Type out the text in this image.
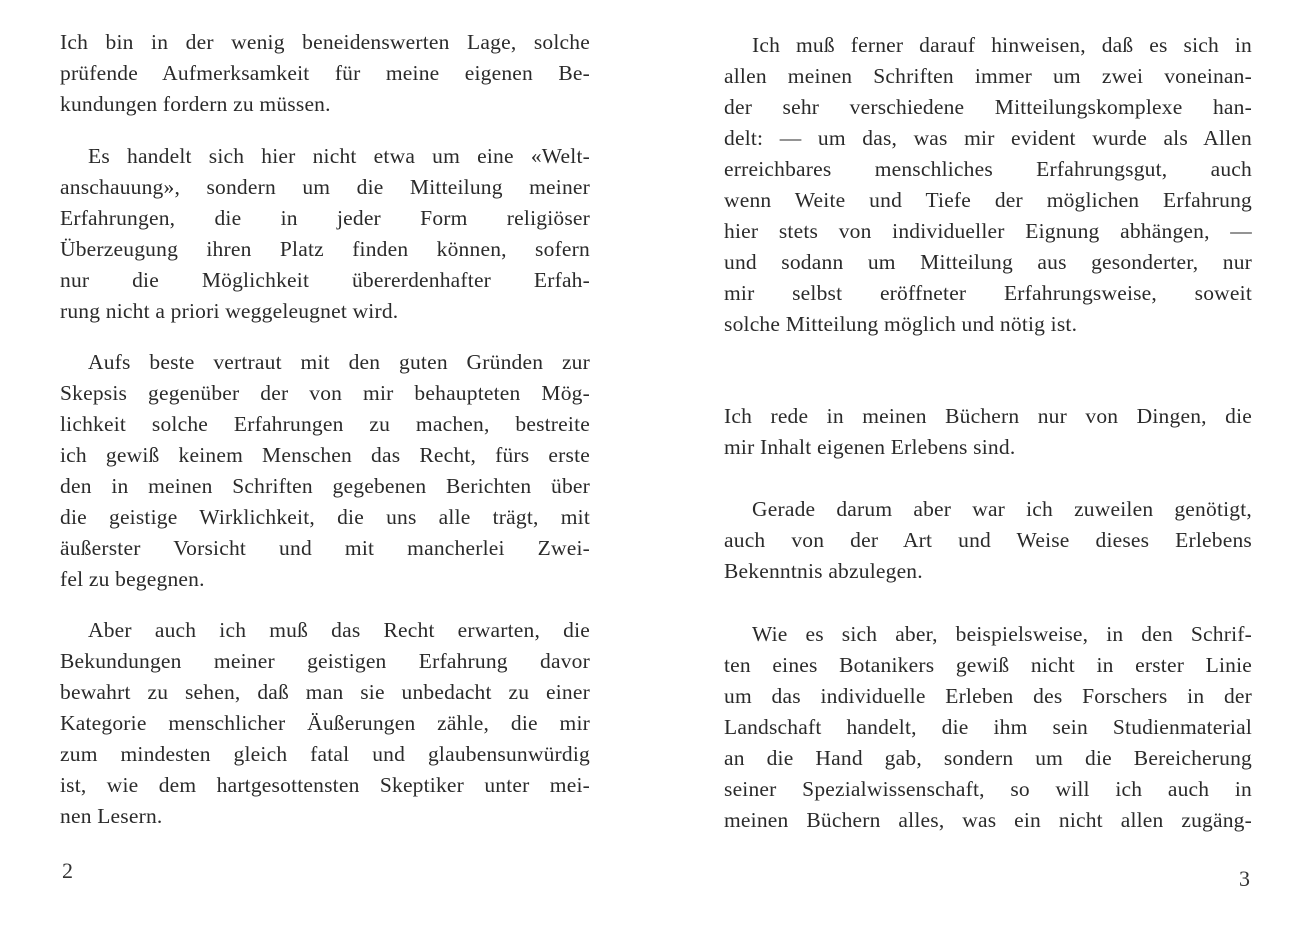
Ich bin in der wenig beneidenswerten Lage, solche
prüfende Aufmerksamkeit für meine eigenen Be-
kundungen fordern zu müssen.

Es handelt sich hier nicht etwa um eine «Welt-
anschauung», sondern um die Mitteilung meiner
Erfahrungen, die in jeder Form religiöser
Überzeugung ihren Platz finden können, sofern
nur die Möglichkeit übererdenhafter Erfah-
rung nicht a priori weggeleugnet wird.

Aufs beste vertraut mit den guten Gründen zur
Skepsis gegenüber der von mir behaupteten Mög-
lichkeit solche Erfahrungen zu machen, bestreite
ich gewiß keinem Menschen das Recht, fürs erste
den in meinen Schriften gegebenen Berichten über
die geistige Wirklichkeit, die uns alle trägt, mit
äußerster Vorsicht und mit mancherlei Zwei-
fel zu begegnen.

Aber auch ich muß das Recht erwarten, die
Bekundungen meiner geistigen Erfahrung davor
bewahrt zu sehen, daß man sie unbedacht zu einer
Kategorie menschlicher Äußerungen zähle, die mir
zum mindesten gleich fatal und glaubensunwürdig
ist, wie dem hartgesottensten Skeptiker unter mei-
nen Lesern.

2

Ich muß ferner darauf hinweisen, daß es sich in
allen meinen Schriften immer um zwei voneinan-
der sehr verschiedene Mitteilungskomplexe han-
delt: — um das, was mir evident wurde als Allen
erreichbares menschliches Erfahrungsgut, auch
wenn Weite und Tiefe der möglichen Erfahrung
hier stets von individueller Eignung abhängen, —
und sodann um Mitteilung aus gesonderter, nur
mir selbst eröffneter Erfahrungsweise, soweit
solche Mitteilung möglich und nötig ist.

Ich rede in meinen Büchern nur von Dingen, die
mir Inhalt eigenen Erlebens sind.

Gerade darum aber war ich zuweilen genötigt,
auch von der Art und Weise dieses Erlebens
Bekenntnis abzulegen.

Wie es sich aber, beispielsweise, in den Schrif-
ten eines Botanikers gewiß nicht in erster Linie
um das individuelle Erleben des Forschers in der
Landschaft handelt, die ihm sein Studienmaterial
an die Hand gab, sondern um die Bereicherung
seiner Spezialwissenschaft, so will ich auch in
meinen Büchern alles, was ein nicht allen zugäng-

3
